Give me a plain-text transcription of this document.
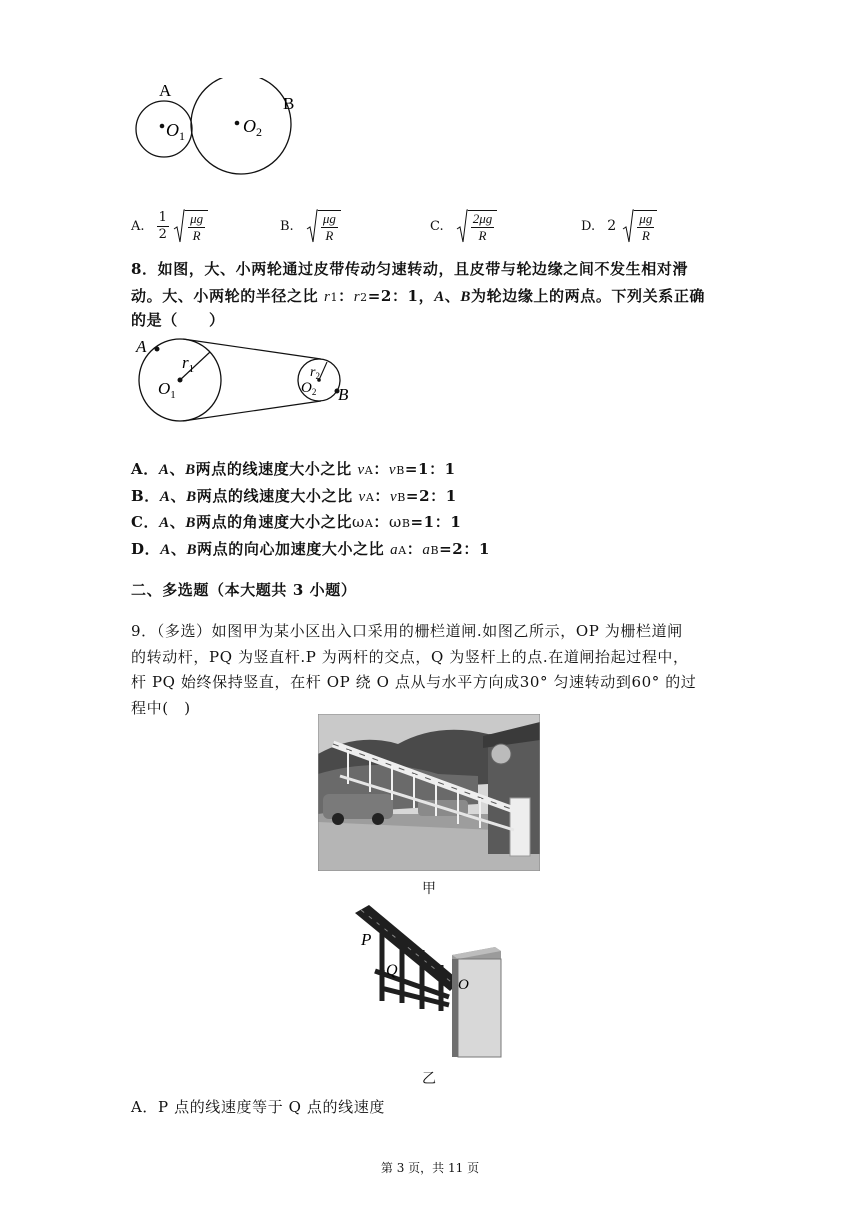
A
B
$O_1$	$O_2$
A. $\frac{1}{2}$
$\frac{\mu g}{R}$	B. $\frac{\mu g}{R}$	C. $\frac{2\mu g}{R}$	D. $2 \frac{\mu g}{R}$
8．如图，大、小两轮通过皮带传动匀速转动，且皮带与轮边缘之间不发生相对滑
动。大、小两轮的半径之比 r1：r2=2：1，A、B为轮边缘上的两点。下列关系正确
的是（　　）
A
B
$r_1$
$O_1$
$r_2$
$O_2$
A．A、B两点的线速度大小之比 vA：vB=1：1
B．A、B两点的线速度大小之比 vA：vB=2：1
C．A、B两点的角速度大小之比ωA：ωB=1：1
D．A、B两点的向心加速度大小之比 aA：aB=2：1
二、多选题（本大题共 3 小题）
9．（多选）如图甲为某小区出入口采用的栅栏道闸.如图乙所示，OP 为栅栏道闸
的转动杆，PQ 为竖直杆.P 为两杆的交点，Q 为竖杆上的点.在道闸抬起过程中，
杆 PQ 始终保持竖直，在杆 OP 绕 O 点从与水平方向成30° 匀速转动到60° 的过
程中(　)
甲
P
Q
O
乙
A．P 点的线速度等于 Q 点的线速度
第 3 页，共 11 页
